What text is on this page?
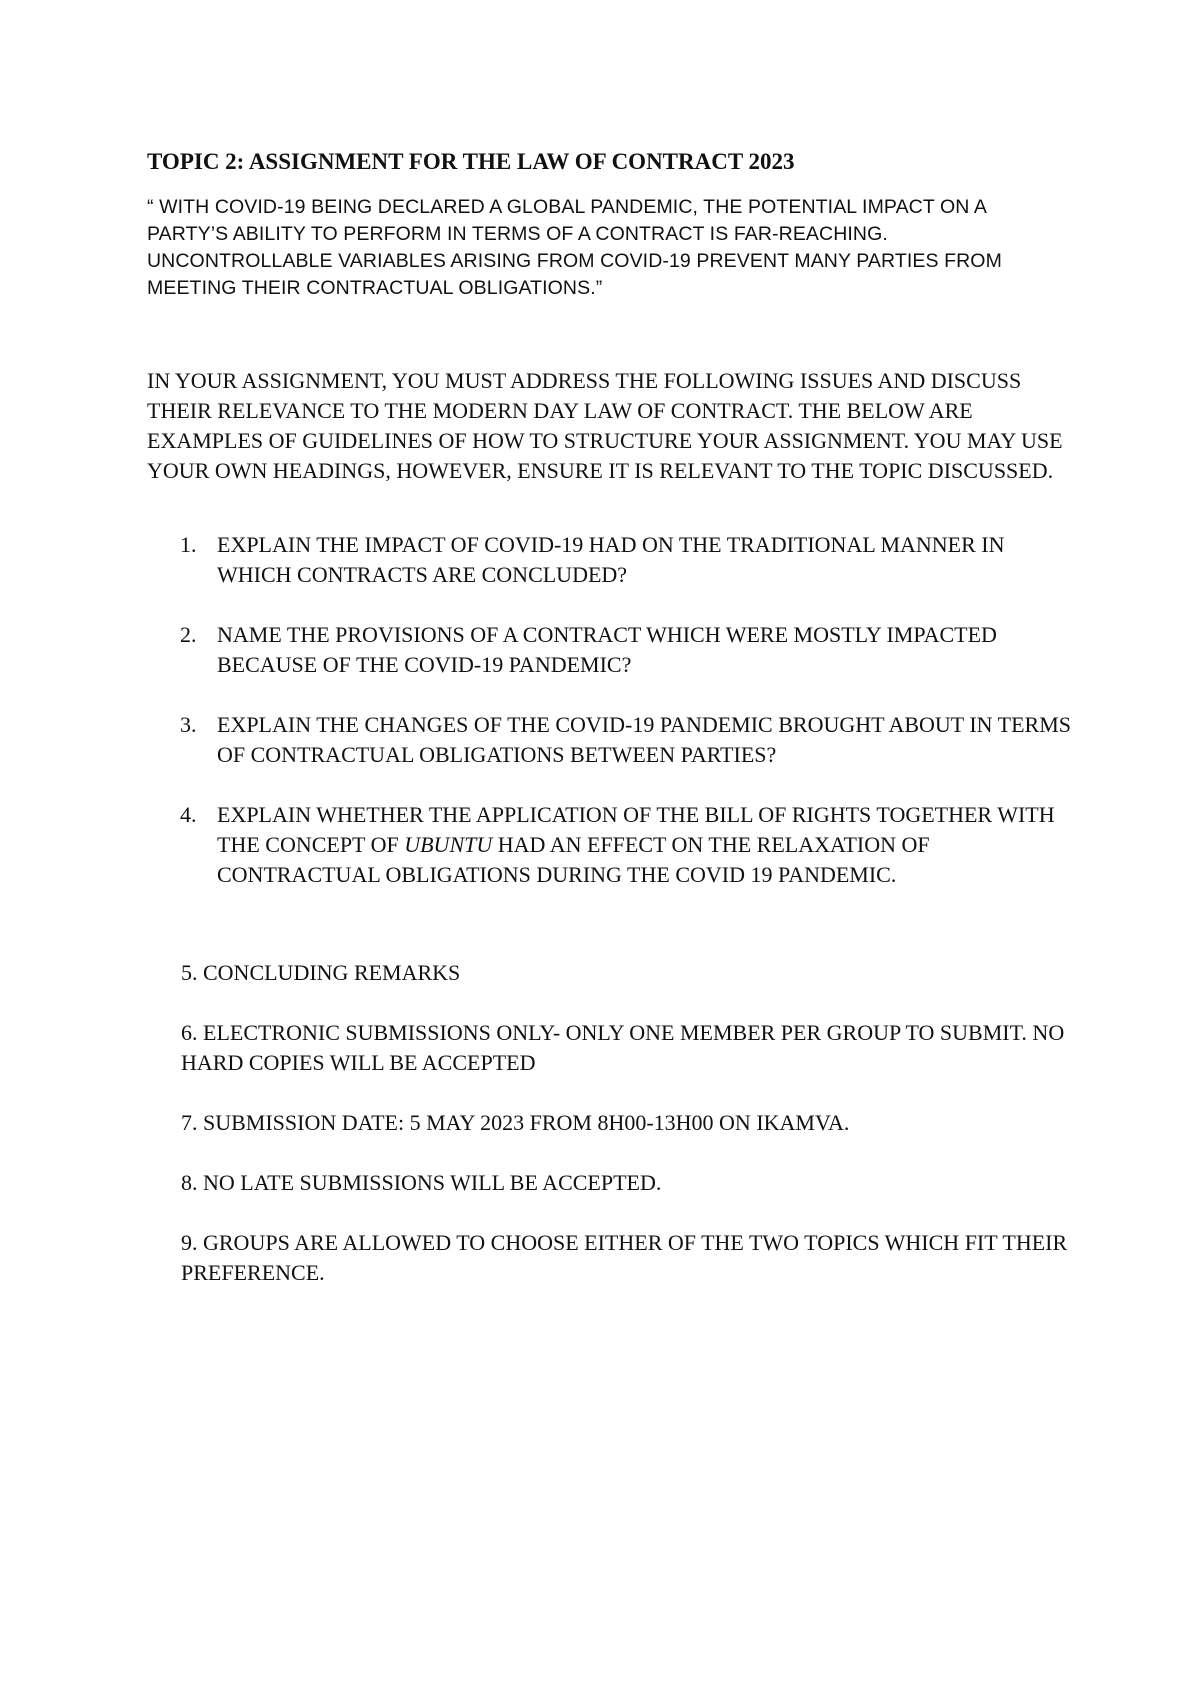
TOPIC 2: ASSIGNMENT FOR THE LAW OF CONTRACT 2023

“ WITH COVID-19 BEING DECLARED A GLOBAL PANDEMIC, THE POTENTIAL IMPACT ON A PARTY’S ABILITY TO PERFORM IN TERMS OF A CONTRACT IS FAR-REACHING. UNCONTROLLABLE VARIABLES ARISING FROM COVID-19 PREVENT MANY PARTIES FROM MEETING THEIR CONTRACTUAL OBLIGATIONS.”

IN YOUR ASSIGNMENT, YOU MUST ADDRESS THE FOLLOWING ISSUES AND DISCUSS THEIR RELEVANCE TO THE MODERN DAY LAW OF CONTRACT. THE BELOW ARE EXAMPLES OF GUIDELINES OF HOW TO STRUCTURE YOUR ASSIGNMENT. YOU MAY USE YOUR OWN HEADINGS, HOWEVER, ENSURE IT IS RELEVANT TO THE TOPIC DISCUSSED.

1. EXPLAIN THE IMPACT OF COVID-19 HAD ON THE TRADITIONAL MANNER IN WHICH CONTRACTS ARE CONCLUDED?
2. NAME THE PROVISIONS OF A CONTRACT WHICH WERE MOSTLY IMPACTED BECAUSE OF THE COVID-19 PANDEMIC?
3. EXPLAIN THE CHANGES OF THE COVID-19 PANDEMIC BROUGHT ABOUT IN TERMS OF CONTRACTUAL OBLIGATIONS BETWEEN PARTIES?
4. EXPLAIN WHETHER THE APPLICATION OF THE BILL OF RIGHTS TOGETHER WITH THE CONCEPT OF UBUNTU HAD AN EFFECT ON THE RELAXATION OF CONTRACTUAL OBLIGATIONS DURING THE COVID 19 PANDEMIC.

5. CONCLUDING REMARKS

6. ELECTRONIC SUBMISSIONS ONLY- ONLY ONE MEMBER PER GROUP TO SUBMIT. NO HARD COPIES WILL BE ACCEPTED

7. SUBMISSION DATE: 5 MAY 2023 FROM 8H00-13H00 ON IKAMVA.

8. NO LATE SUBMISSIONS WILL BE ACCEPTED.

9. GROUPS ARE ALLOWED TO CHOOSE EITHER OF THE TWO TOPICS WHICH FIT THEIR PREFERENCE.
